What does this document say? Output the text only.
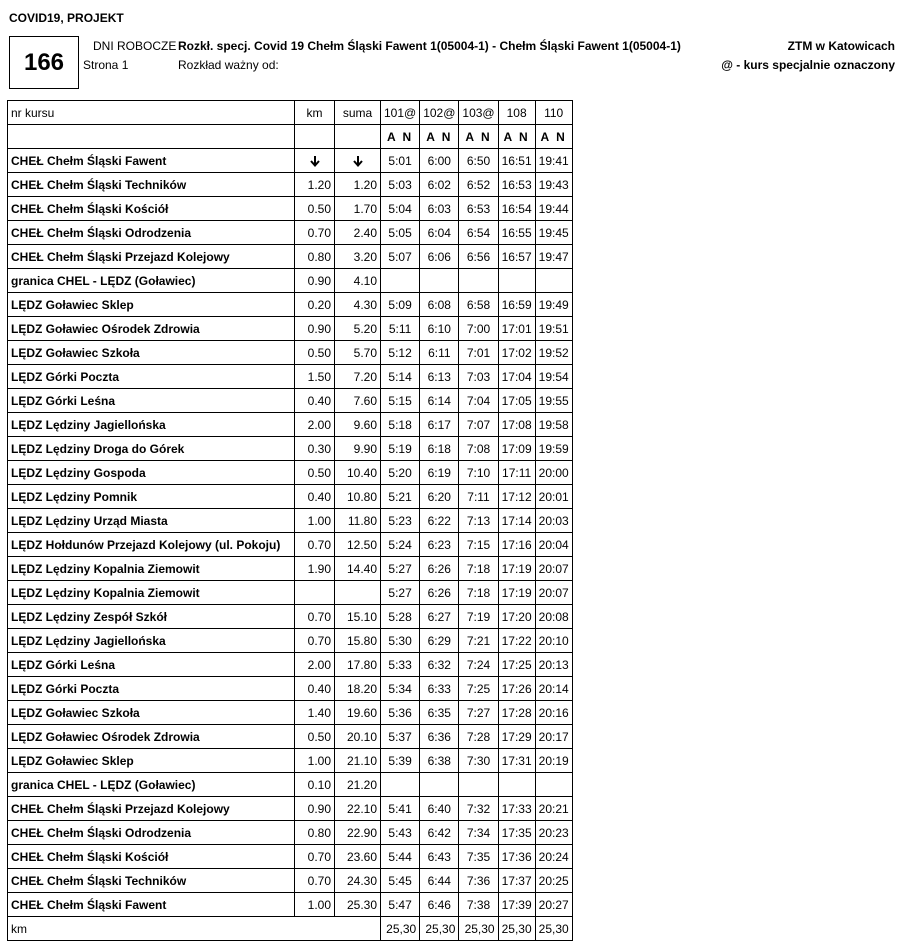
COVID19, PROJEKT
166
DNI ROBOCZE
Strona 1
Rozkł. specj. Covid 19 Chełm Śląski Fawent 1(05004-1) - Chełm Śląski Fawent 1(05004-1)
Rozkład ważny od:
ZTM w Katowicach
@ - kurs specjalnie oznaczony
nr kursu	km	suma	101@	102@	103@	108	110
			A N	A N	A N	A N	A N
CHEŁ Chełm Śląski Fawent			5:01	6:00	6:50	16:51	19:41
CHEŁ Chełm Śląski Techników	1.20	1.20	5:03	6:02	6:52	16:53	19:43
CHEŁ Chełm Śląski Kościół	0.50	1.70	5:04	6:03	6:53	16:54	19:44
CHEŁ Chełm Śląski Odrodzenia	0.70	2.40	5:05	6:04	6:54	16:55	19:45
CHEŁ Chełm Śląski Przejazd Kolejowy	0.80	3.20	5:07	6:06	6:56	16:57	19:47
granica CHEL - LĘDZ (Goławiec)	0.90	4.10					
LĘDZ Goławiec Sklep	0.20	4.30	5:09	6:08	6:58	16:59	19:49
LĘDZ Goławiec Ośrodek Zdrowia	0.90	5.20	5:11	6:10	7:00	17:01	19:51
LĘDZ Goławiec Szkoła	0.50	5.70	5:12	6:11	7:01	17:02	19:52
LĘDZ Górki Poczta	1.50	7.20	5:14	6:13	7:03	17:04	19:54
LĘDZ Górki Leśna	0.40	7.60	5:15	6:14	7:04	17:05	19:55
LĘDZ Lędziny Jagiellońska	2.00	9.60	5:18	6:17	7:07	17:08	19:58
LĘDZ Lędziny Droga do Górek	0.30	9.90	5:19	6:18	7:08	17:09	19:59
LĘDZ Lędziny Gospoda	0.50	10.40	5:20	6:19	7:10	17:11	20:00
LĘDZ Lędziny Pomnik	0.40	10.80	5:21	6:20	7:11	17:12	20:01
LĘDZ Lędziny Urząd Miasta	1.00	11.80	5:23	6:22	7:13	17:14	20:03
LĘDZ Hołdunów Przejazd Kolejowy (ul. Pokoju)	0.70	12.50	5:24	6:23	7:15	17:16	20:04
LĘDZ Lędziny Kopalnia Ziemowit	1.90	14.40	5:27	6:26	7:18	17:19	20:07
LĘDZ Lędziny Kopalnia Ziemowit			5:27	6:26	7:18	17:19	20:07
LĘDZ Lędziny Zespół Szkół	0.70	15.10	5:28	6:27	7:19	17:20	20:08
LĘDZ Lędziny Jagiellońska	0.70	15.80	5:30	6:29	7:21	17:22	20:10
LĘDZ Górki Leśna	2.00	17.80	5:33	6:32	7:24	17:25	20:13
LĘDZ Górki Poczta	0.40	18.20	5:34	6:33	7:25	17:26	20:14
LĘDZ Goławiec Szkoła	1.40	19.60	5:36	6:35	7:27	17:28	20:16
LĘDZ Goławiec Ośrodek Zdrowia	0.50	20.10	5:37	6:36	7:28	17:29	20:17
LĘDZ Goławiec Sklep	1.00	21.10	5:39	6:38	7:30	17:31	20:19
granica CHEL - LĘDZ (Goławiec)	0.10	21.20					
CHEŁ Chełm Śląski Przejazd Kolejowy	0.90	22.10	5:41	6:40	7:32	17:33	20:21
CHEŁ Chełm Śląski Odrodzenia	0.80	22.90	5:43	6:42	7:34	17:35	20:23
CHEŁ Chełm Śląski Kościół	0.70	23.60	5:44	6:43	7:35	17:36	20:24
CHEŁ Chełm Śląski Techników	0.70	24.30	5:45	6:44	7:36	17:37	20:25
CHEŁ Chełm Śląski Fawent	1.00	25.30	5:47	6:46	7:38	17:39	20:27
km			25,30	25,30	25,30	25,30	25,30
